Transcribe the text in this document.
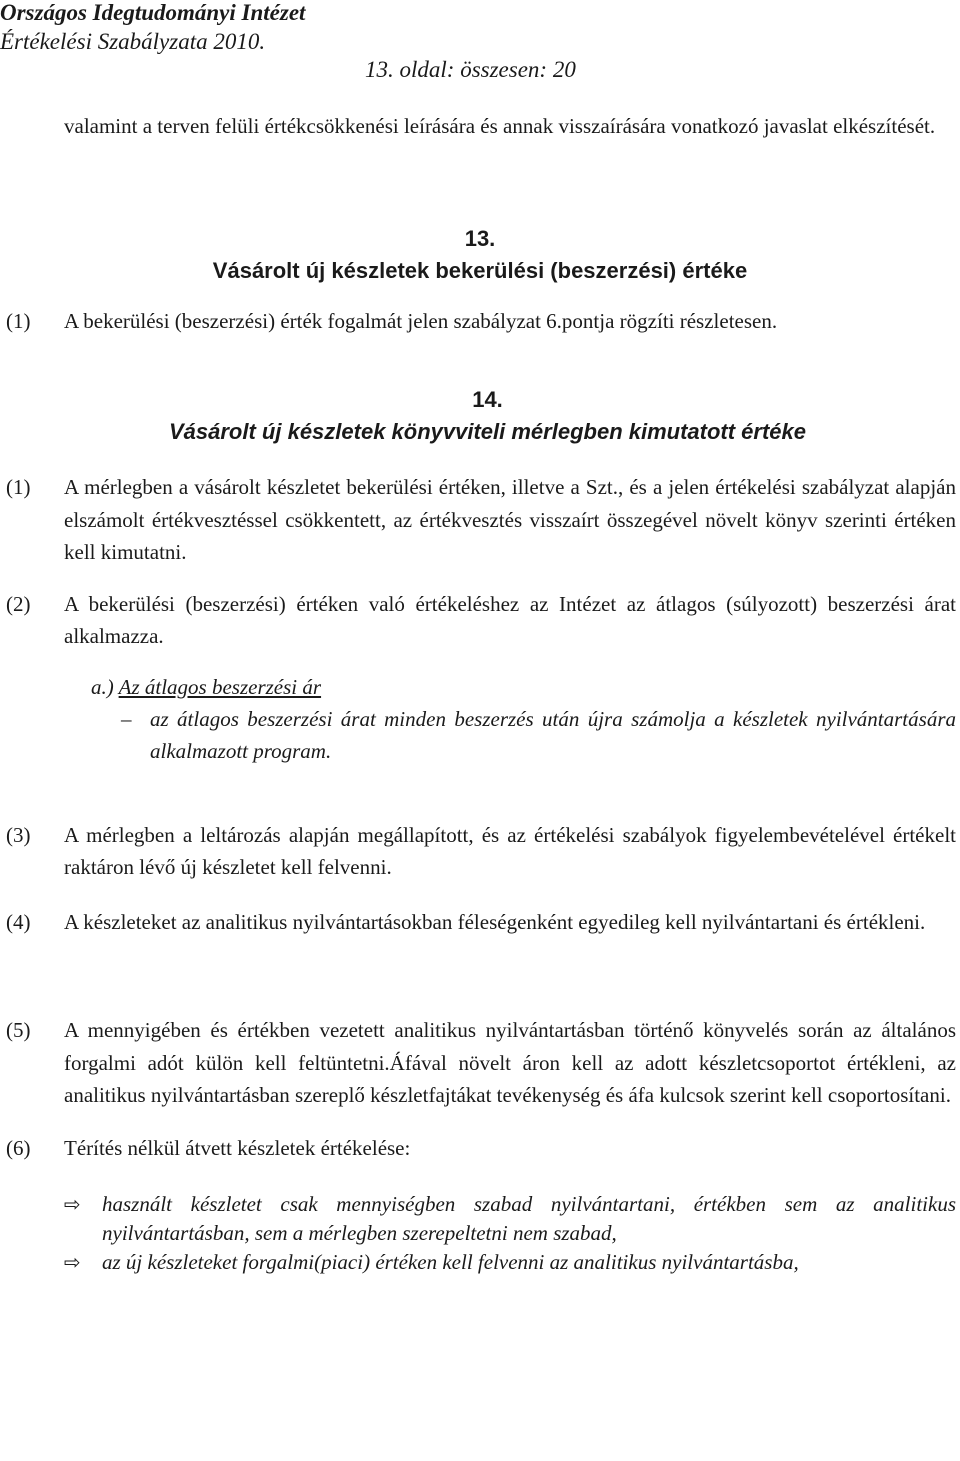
Országos Idegtudományi Intézet
Értékelési Szabályzata 2010.
13. oldal: összesen: 20
valamint a terven felüli értékcsökkenési leírására és annak visszaírására vonatkozó javaslat elkészítését.
13.
Vásárolt új készletek bekerülési (beszerzési) értéke
(1) A bekerülési (beszerzési) érték fogalmát jelen szabályzat 6.pontja rögzíti részletesen.
14.
Vásárolt új készletek könyvviteli mérlegben kimutatott értéke
(1) A mérlegben a vásárolt készletet bekerülési értéken, illetve a Szt., és a jelen értékelési szabályzat alapján elszámolt értékvesztéssel csökkentett, az értékvesztés visszaírt összegével növelt könyv szerinti értéken kell kimutatni.
(2) A bekerülési (beszerzési) értéken való értékeléshez az Intézet az átlagos (súlyozott) beszerzési árat alkalmazza.
a.) Az átlagos beszerzési ár
– az átlagos beszerzési árat minden beszerzés után újra számolja a készletek nyilvántartására alkalmazott program.
(3) A mérlegben a leltározás alapján megállapított, és az értékelési szabályok figyelembevételével értékelt raktáron lévő új készletet kell felvenni.
(4) A készleteket az analitikus nyilvántartásokban féleségenként egyedileg kell nyilvántartani és értékleni.
(5) A mennyigében és értékben vezetett analitikus nyilvántartásban történő könyvelés során az általános forgalmi adót külön kell feltüntetni.Áfával növelt áron kell az adott készletcsoportot értékleni, az analitikus nyilvántartásban szereplő készletfajtákat tevékenység és áfa kulcsok szerint kell csoportosítani.
(6) Térítés nélkül átvett készletek értékelése:
⇨ használt készletet csak mennyiségben szabad nyilvántartani, értékben sem az analitikus nyilvántartásban, sem a mérlegben szerepeltetni nem szabad,
⇨ az új készleteket forgalmi(piaci) értéken kell felvenni az analitikus nyilvántartásba,
